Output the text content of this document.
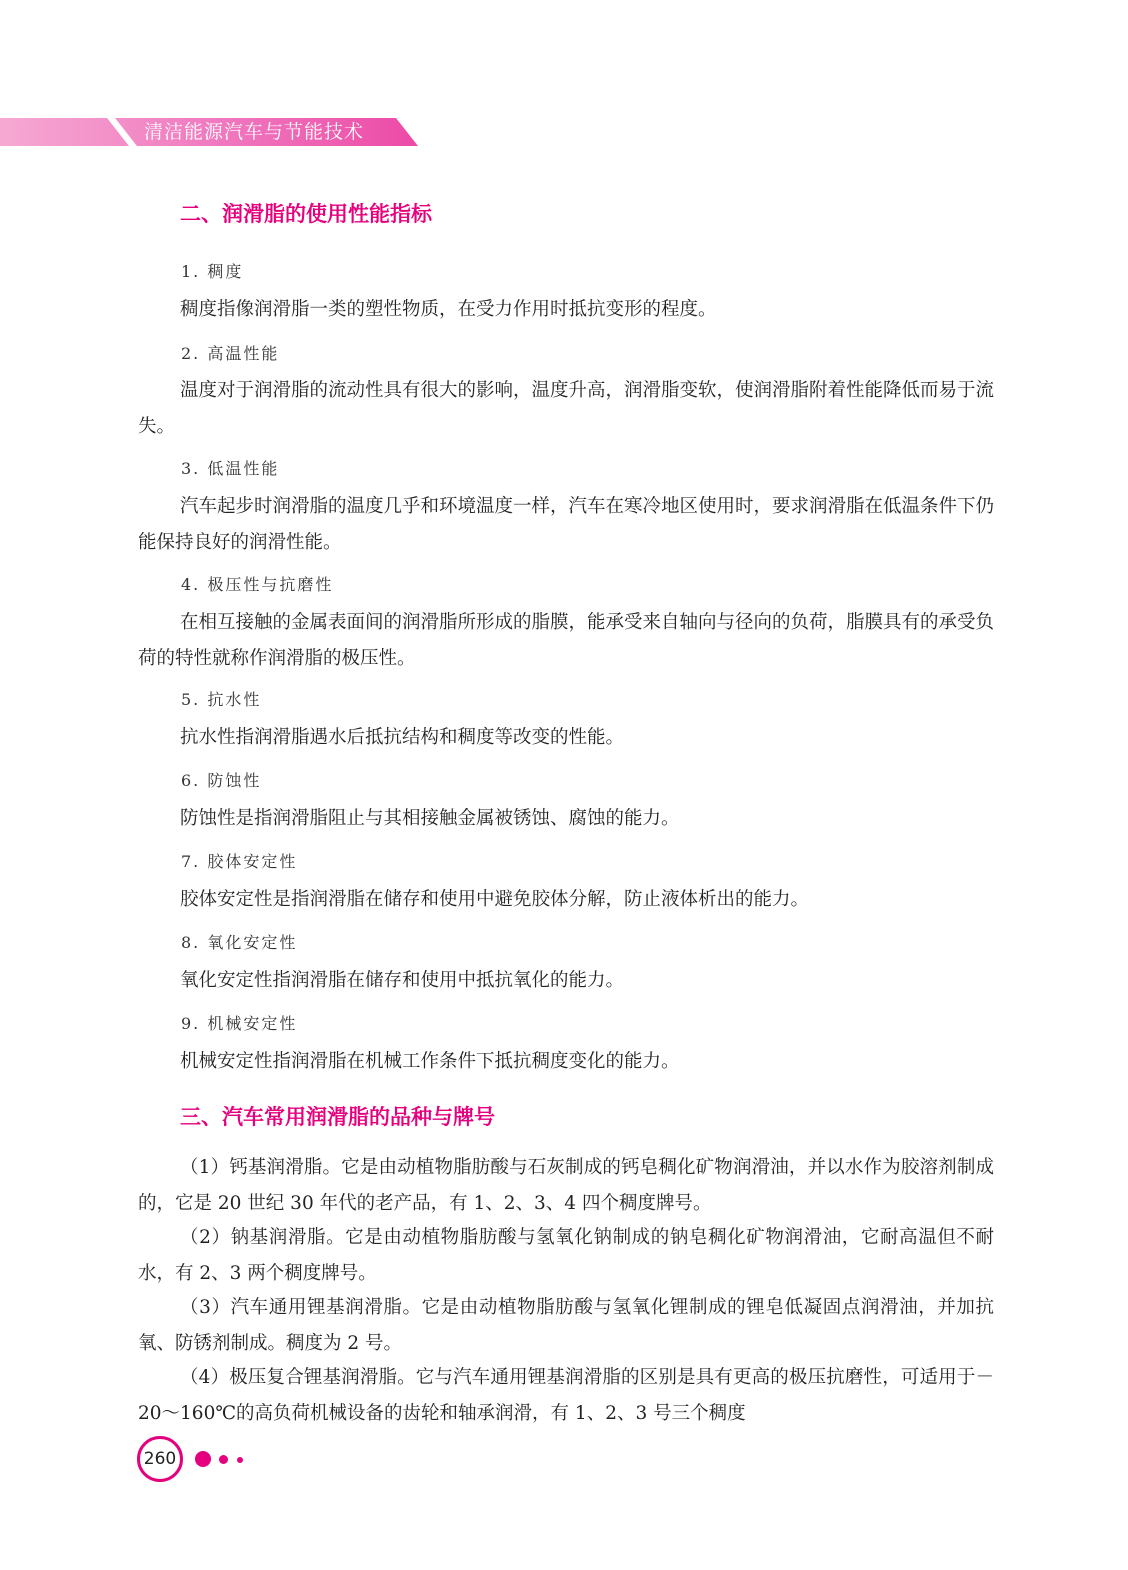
清洁能源汽车与节能技术
二、润滑脂的使用性能指标
1. 稠度
稠度指像润滑脂一类的塑性物质，在受力作用时抵抗变形的程度。
2. 高温性能
温度对于润滑脂的流动性具有很大的影响，温度升高，润滑脂变软，使润滑脂附着性能降低而易于流失。
3. 低温性能
汽车起步时润滑脂的温度几乎和环境温度一样，汽车在寒冷地区使用时，要求润滑脂在低温条件下仍能保持良好的润滑性能。
4. 极压性与抗磨性
在相互接触的金属表面间的润滑脂所形成的脂膜，能承受来自轴向与径向的负荷，脂膜具有的承受负荷的特性就称作润滑脂的极压性。
5. 抗水性
抗水性指润滑脂遇水后抵抗结构和稠度等改变的性能。
6. 防蚀性
防蚀性是指润滑脂阻止与其相接触金属被锈蚀、腐蚀的能力。
7. 胶体安定性
胶体安定性是指润滑脂在储存和使用中避免胶体分解，防止液体析出的能力。
8. 氧化安定性
氧化安定性指润滑脂在储存和使用中抵抗氧化的能力。
9. 机械安定性
机械安定性指润滑脂在机械工作条件下抵抗稠度变化的能力。
三、汽车常用润滑脂的品种与牌号
（1）钙基润滑脂。它是由动植物脂肪酸与石灰制成的钙皂稠化矿物润滑油，并以水作为胶溶剂制成的，它是 20 世纪 30 年代的老产品，有 1、2、3、4 四个稠度牌号。
（2）钠基润滑脂。它是由动植物脂肪酸与氢氧化钠制成的钠皂稠化矿物润滑油，它耐高温但不耐水，有 2、3 两个稠度牌号。
（3）汽车通用锂基润滑脂。它是由动植物脂肪酸与氢氧化锂制成的锂皂低凝固点润滑油，并加抗氧、防锈剂制成。稠度为 2 号。
（4）极压复合锂基润滑脂。它与汽车通用锂基润滑脂的区别是具有更高的极压抗磨性，可适用于－20～160℃的高负荷机械设备的齿轮和轴承润滑，有 1、2、3 号三个稠度
260
